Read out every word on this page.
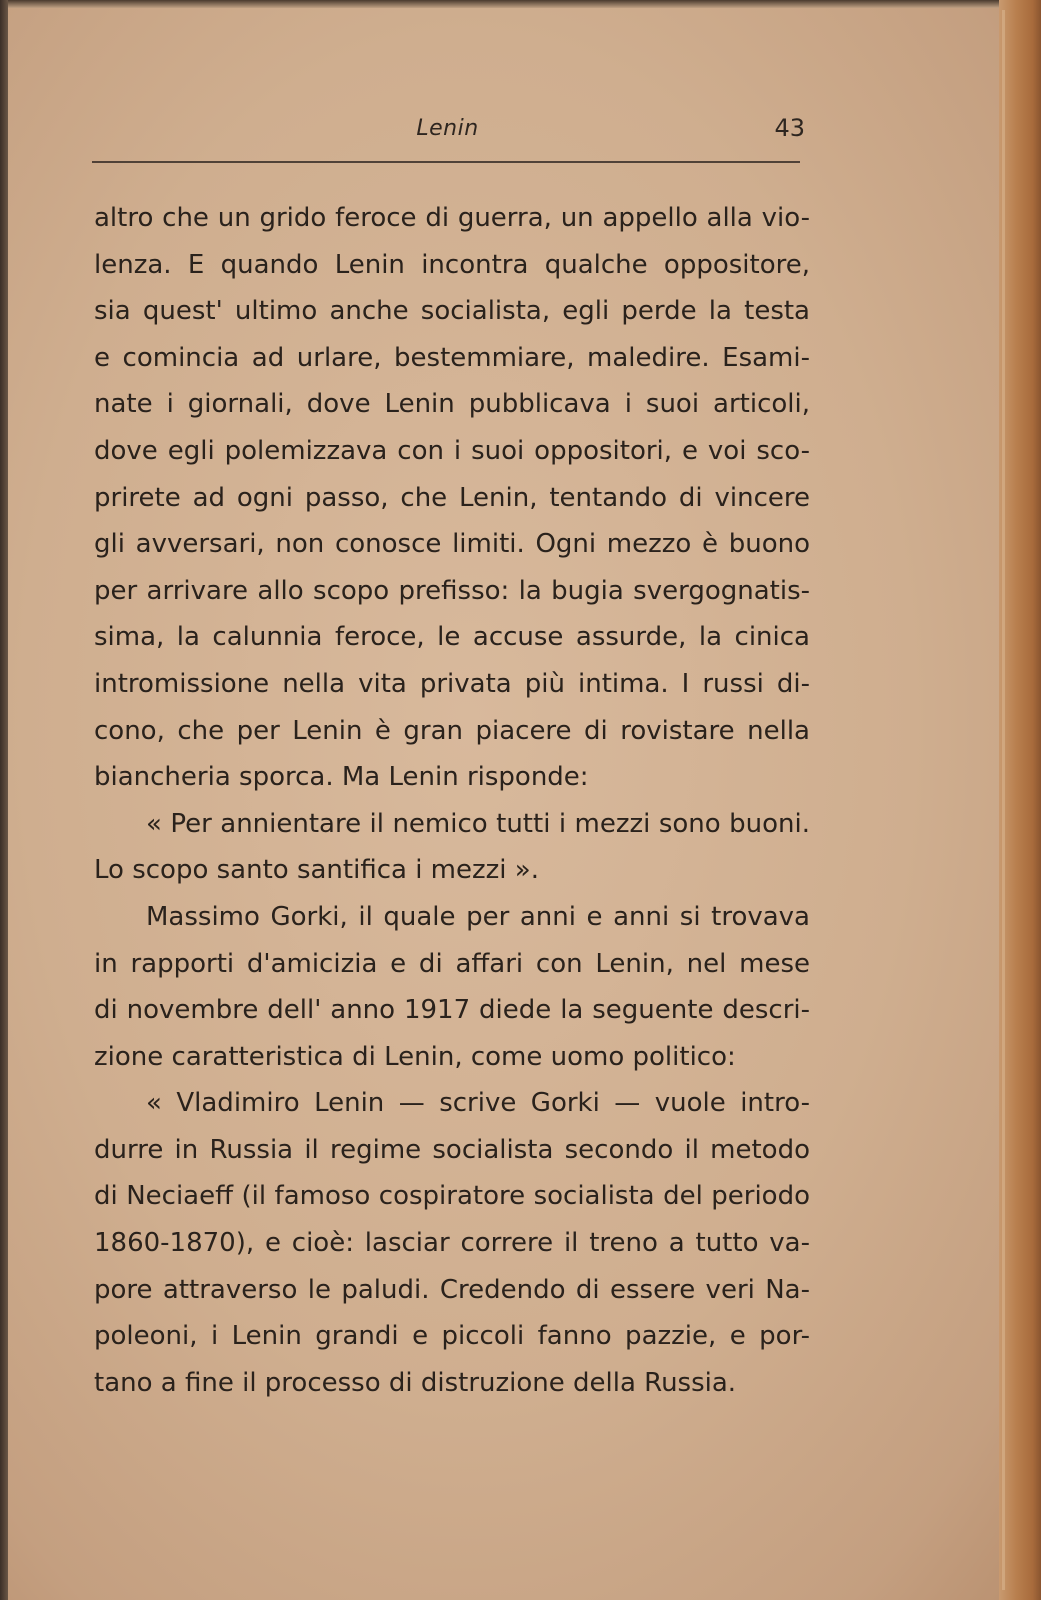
Lenin	43
altro che un grido feroce di guerra, un appello alla vio-
lenza. E quando Lenin incontra qualche oppositore,
sia quest' ultimo anche socialista, egli perde la testa
e comincia ad urlare, bestemmiare, maledire. Esami-
nate i giornali, dove Lenin pubblicava i suoi articoli,
dove egli polemizzava con i suoi oppositori, e voi sco-
prirete ad ogni passo, che Lenin, tentando di vincere
gli avversari, non conosce limiti. Ogni mezzo è buono
per arrivare allo scopo prefisso: la bugia svergognatis-
sima, la calunnia feroce, le accuse assurde, la cinica
intromissione nella vita privata più intima. I russi di-
cono, che per Lenin è gran piacere di rovistare nella
biancheria sporca. Ma Lenin risponde:
« Per annientare il nemico tutti i mezzi sono buoni.
Lo scopo santo santifica i mezzi ».
Massimo Gorki, il quale per anni e anni si trovava
in rapporti d'amicizia e di affari con Lenin, nel mese
di novembre dell' anno 1917 diede la seguente descri-
zione caratteristica di Lenin, come uomo politico:
« Vladimiro Lenin — scrive Gorki — vuole intro-
durre in Russia il regime socialista secondo il metodo
di Neciaeff (il famoso cospiratore socialista del periodo
1860-1870), e cioè: lasciar correre il treno a tutto va-
pore attraverso le paludi. Credendo di essere veri Na-
poleoni, i Lenin grandi e piccoli fanno pazzie, e por-
tano a fine il processo di distruzione della Russia.
